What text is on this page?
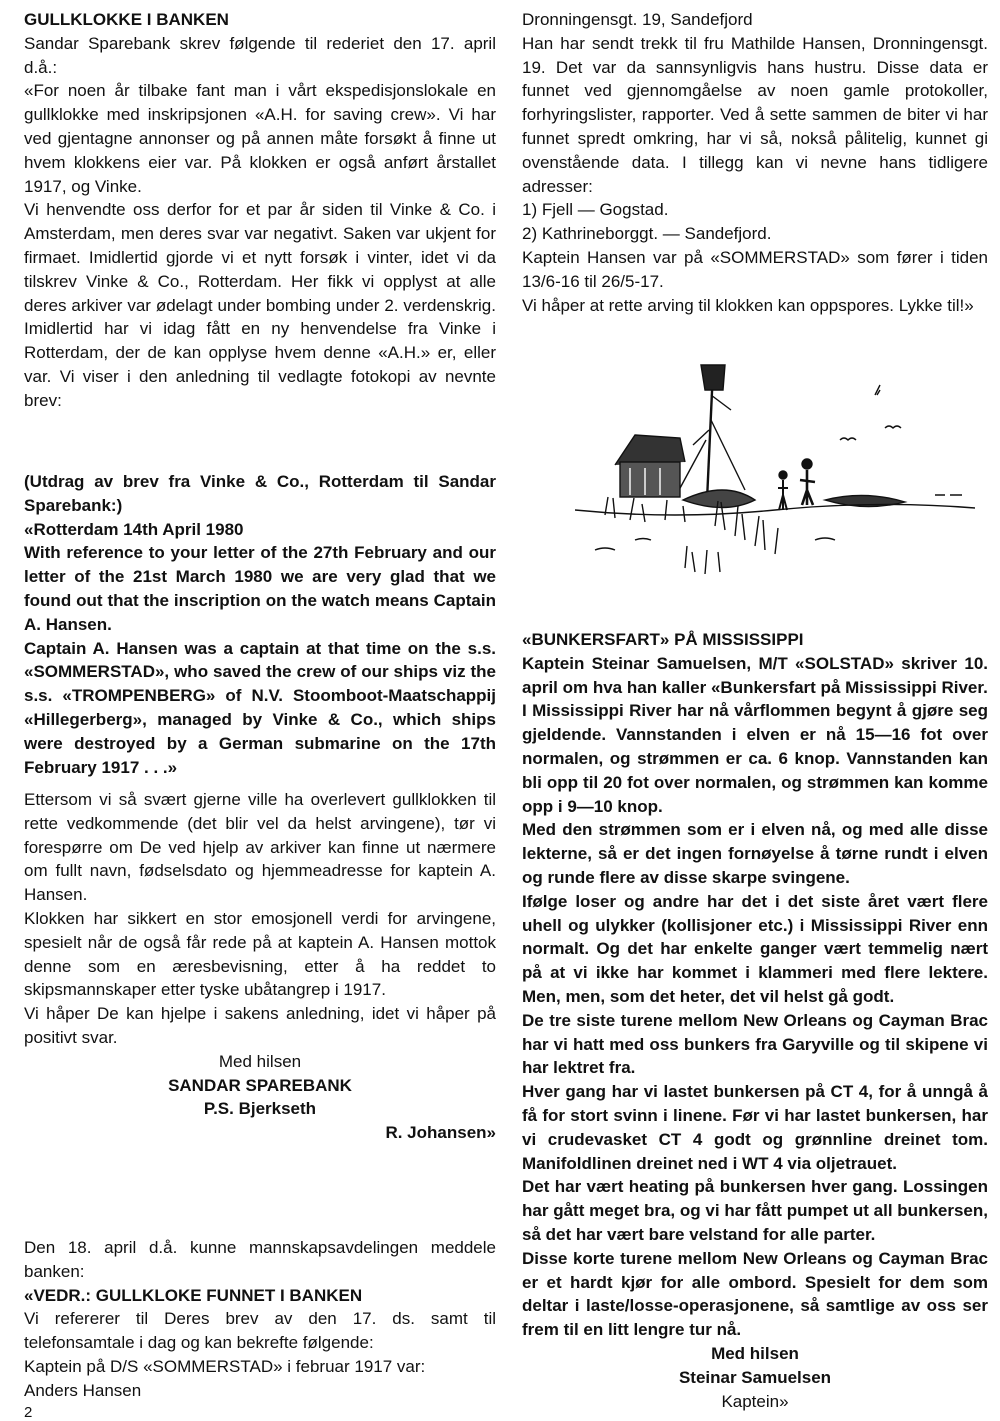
GULLKLOKKE I BANKEN

Sandar Sparebank skrev følgende til rederiet den 17. april d.å.:

«For noen år tilbake fant man i vårt ekspedisjonslokale en gullklokke med inskripsjonen «A.H. for saving crew». Vi har ved gjentagne annonser og på annen måte forsøkt å finne ut hvem klokkens eier var. På klokken er også anført årstallet 1917, og Vinke.

Vi henvendte oss derfor for et par år siden til Vinke & Co. i Amsterdam, men deres svar var negativt. Saken var ukjent for firmaet. Imidlertid gjorde vi et nytt forsøk i vinter, idet vi da tilskrev Vinke & Co., Rotterdam. Her fikk vi opplyst at alle deres arkiver var ødelagt under bombing under 2. verdenskrig. Imidlertid har vi idag fått en ny henvendelse fra Vinke i Rotterdam, der de kan opplyse hvem denne «A.H.» er, eller var. Vi viser i den anledning til vedlagte fotokopi av nevnte brev:

(Utdrag av brev fra Vinke & Co., Rotterdam til Sandar Sparebank:)

«Rotterdam 14th April 1980

With reference to your letter of the 27th February and our letter of the 21st March 1980 we are very glad that we found out that the inscription on the watch means Captain A. Hansen.

Captain A. Hansen was a captain at that time on the s.s. «SOMMERSTAD», who saved the crew of our ships viz the s.s. «TROMPENBERG» of N.V. Stoomboot-Maatschappij «Hillegerberg», managed by Vinke & Co., which ships were destroyed by a German submarine on the 17th February 1917 . . .»

Ettersom vi så svært gjerne ville ha overlevert gullklokken til rette vedkommende (det blir vel da helst arvingene), tør vi forespørre om De ved hjelp av arkiver kan finne ut nærmere om fullt navn, fødselsdato og hjemmeadresse for kaptein A. Hansen.

Klokken har sikkert en stor emosjonell verdi for arvingene, spesielt når de også får rede på at kaptein A. Hansen mottok denne som en æresbevisning, etter å ha reddet to skipsmannskaper etter tyske ubåtangrep i 1917.

Vi håper De kan hjelpe i sakens anledning, idet vi håper på positivt svar.

Med hilsen

SANDAR SPAREBANK

P.S. Bjerkseth

R. Johansen»

Den 18. april d.å. kunne mannskapsavdelingen meddele banken:

«VEDR.: GULLKLOKE FUNNET I BANKEN

Vi refererer til Deres brev av den 17. ds. samt til telefonsamtale i dag og kan bekrefte følgende:

Kaptein på D/S «SOMMERSTAD» i februar 1917 var:

Anders Hansen

Dronningensgt. 19, Sandefjord

Han har sendt trekk til fru Mathilde Hansen, Dronningensgt. 19. Det var da sannsynligvis hans hustru. Disse data er funnet ved gjennomgåelse av noen gamle protokoller, forhyringslister, rapporter. Ved å sette sammen de biter vi har funnet spredt omkring, har vi så, nokså pålitelig, kunnet gi ovenstående data. I tillegg kan vi nevne hans tidligere adresser:

1) Fjell — Gogstad.

2) Kathrineborggt. — Sandefjord.

Kaptein Hansen var på «SOMMERSTAD» som fører i tiden 13/6-16 til 26/5-17.

Vi håper at rette arving til klokken kan oppspores. Lykke til!»

«BUNKERSFART» PÅ MISSISSIPPI

Kaptein Steinar Samuelsen, M/T «SOLSTAD» skriver 10. april om hva han kaller «Bunkersfart på Mississippi River.

I Mississippi River har nå vårflommen begynt å gjøre seg gjeldende. Vannstanden i elven er nå 15—16 fot over normalen, og strømmen er ca. 6 knop. Vannstanden kan bli opp til 20 fot over normalen, og strømmen kan komme opp i 9—10 knop.

Med den strømmen som er i elven nå, og med alle disse lekterne, så er det ingen fornøyelse å tørne rundt i elven og runde flere av disse skarpe svingene.

Ifølge loser og andre har det i det siste året vært flere uhell og ulykker (kollisjoner etc.) i Mississippi River enn normalt. Og det har enkelte ganger vært temmelig nært på at vi ikke har kommet i klammeri med flere lektere. Men, men, som det heter, det vil helst gå godt.

De tre siste turene mellom New Orleans og Cayman Brac har vi hatt med oss bunkers fra Garyville og til skipene vi har lektret fra.

Hver gang har vi lastet bunkersen på CT 4, for å unngå å få for stort svinn i linene. Før vi har lastet bunkersen, har vi crudevasket CT 4 godt og grønnline dreinet tom. Manifoldlinen dreinet ned i WT 4 via oljetrauet.

Det har vært heating på bunkersen hver gang. Lossingen har gått meget bra, og vi har fått pumpet ut all bunkersen, så det har vært bare velstand for alle parter.

Disse korte turene mellom New Orleans og Cayman Brac er et hardt kjør for alle ombord. Spesielt for dem som deltar i laste/losse-operasjonene, så samtlige av oss ser frem til en litt lengre tur nå.

Med hilsen

Steinar Samuelsen

Kaptein»

2
